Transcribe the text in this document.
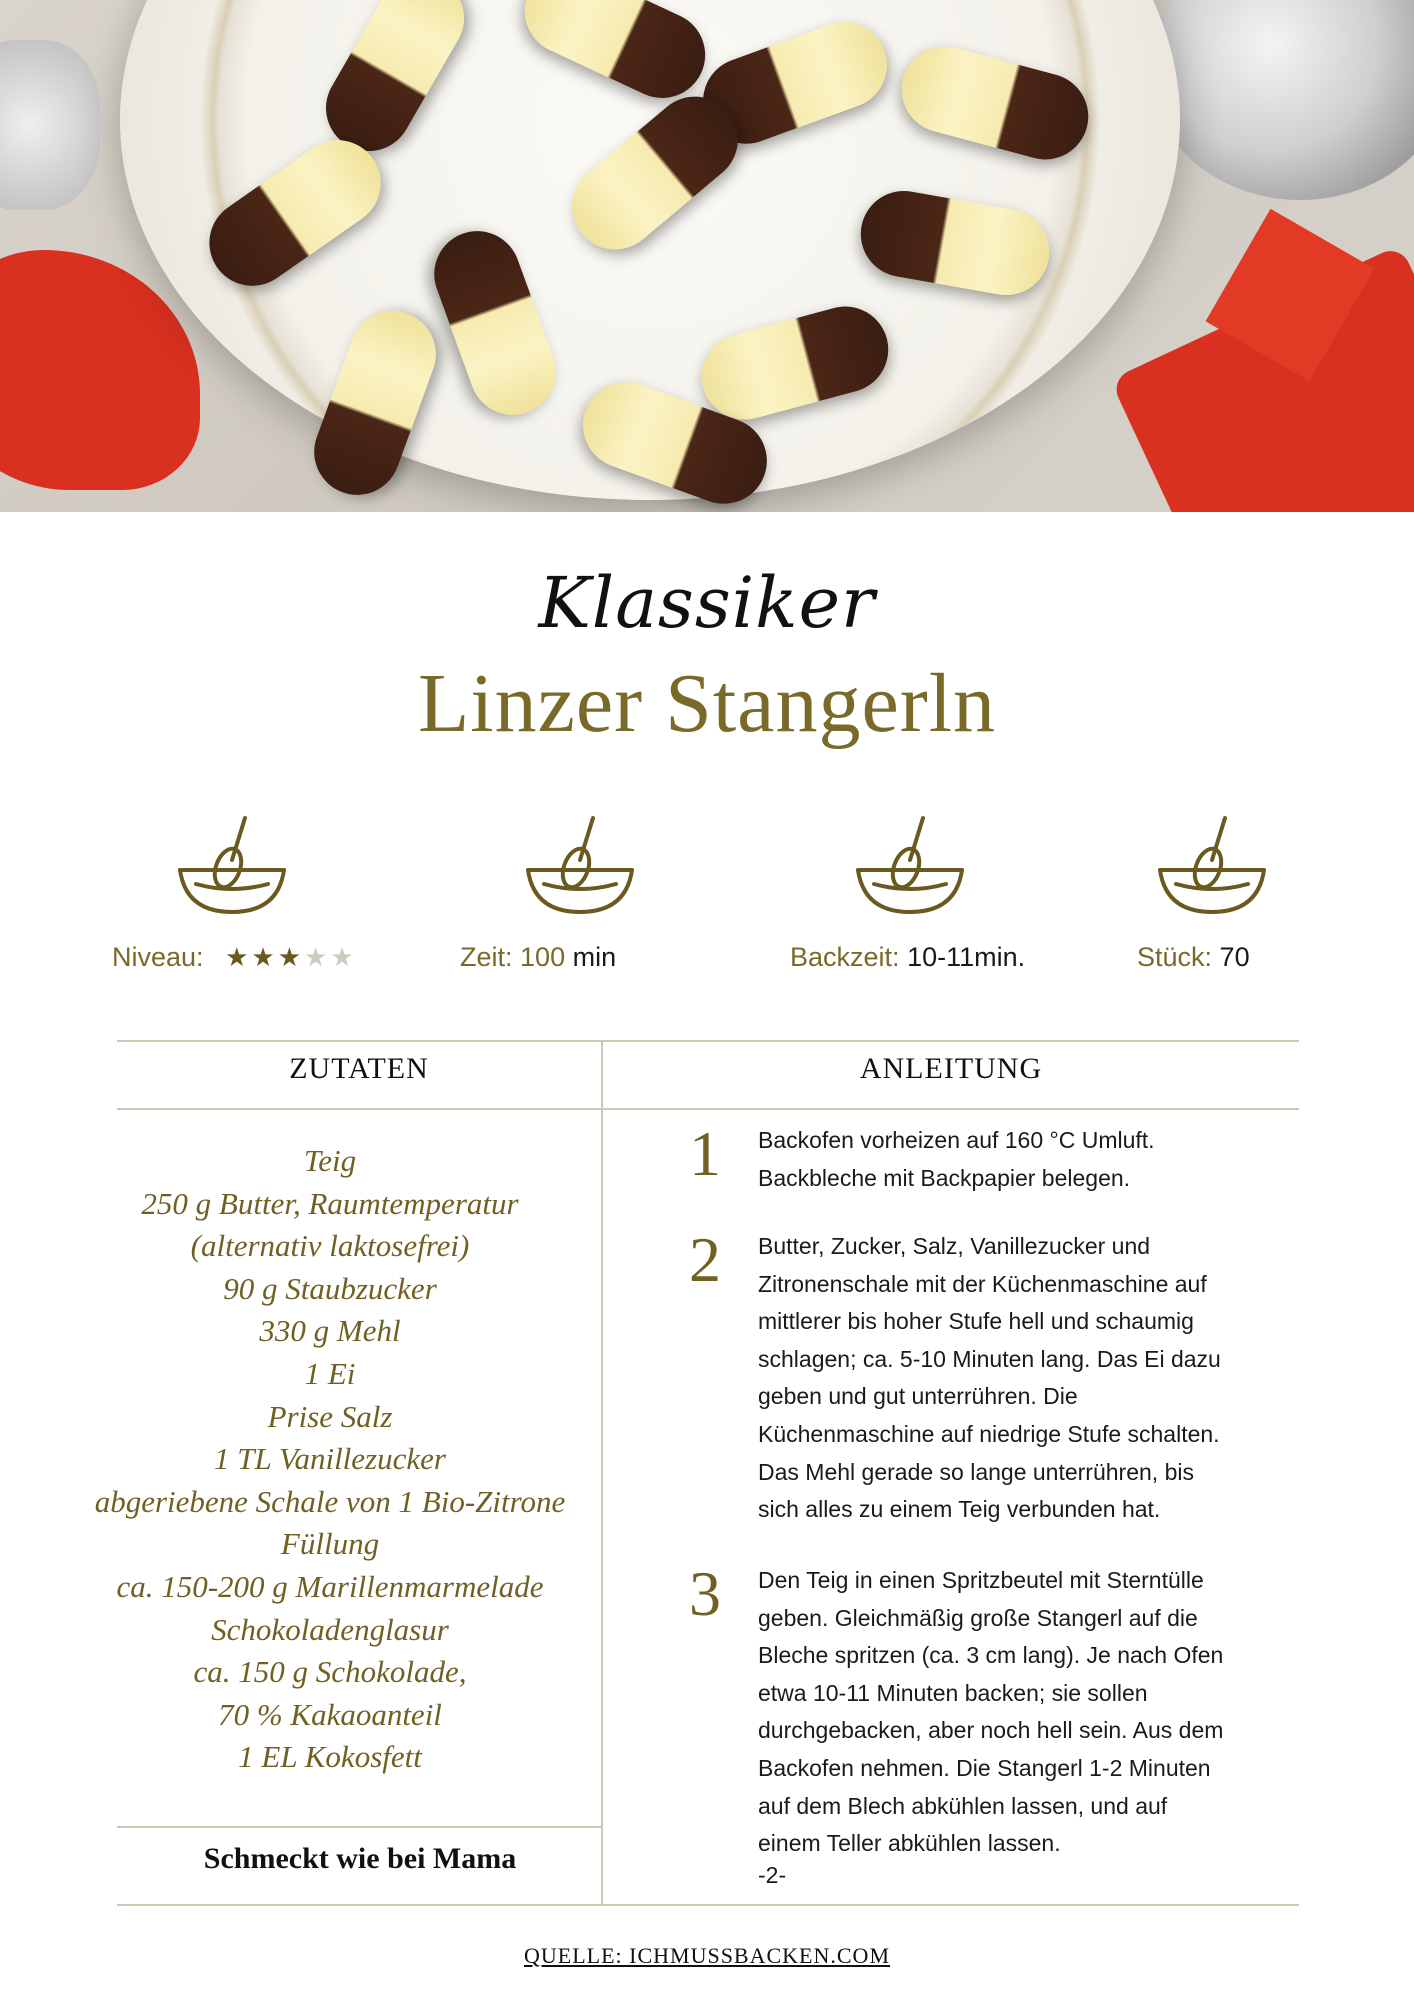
Klassiker
Linzer Stangerln
Niveau: ★★★★★	Zeit: 100 min	Backzeit: 10-11min.	Stück: 70
ZUTATEN	ANLEITUNG
Teig
250 g Butter, Raumtemperatur
(alternativ laktosefrei)
90 g Staubzucker
330 g Mehl
1 Ei
Prise Salz
1 TL Vanillezucker
abgeriebene Schale von 1 Bio-Zitrone
Füllung
ca. 150-200 g Marillenmarmelade
Schokoladenglasur
ca. 150 g Schokolade,
70 % Kakaoanteil
1 EL Kokosfett
Schmeckt wie bei Mama
1	Backofen vorheizen auf 160 °C Umluft.
Backbleche mit Backpapier belegen.
2	Butter, Zucker, Salz, Vanillezucker und
Zitronenschale mit der Küchenmaschine auf
mittlerer bis hoher Stufe hell und schaumig
schlagen; ca. 5-10 Minuten lang. Das Ei dazu
geben und gut unterrühren. Die
Küchenmaschine auf niedrige Stufe schalten.
Das Mehl gerade so lange unterrühren, bis
sich alles zu einem Teig verbunden hat.
3	Den Teig in einen Spritzbeutel mit Sterntülle
geben. Gleichmäßig große Stangerl auf die
Bleche spritzen (ca. 3 cm lang). Je nach Ofen
etwa 10-11 Minuten backen; sie sollen
durchgebacken, aber noch hell sein. Aus dem
Backofen nehmen. Die Stangerl 1-2 Minuten
auf dem Blech abkühlen lassen, und auf
einem Teller abkühlen lassen.
-2-
QUELLE: ICHMUSSBACKEN.COM
